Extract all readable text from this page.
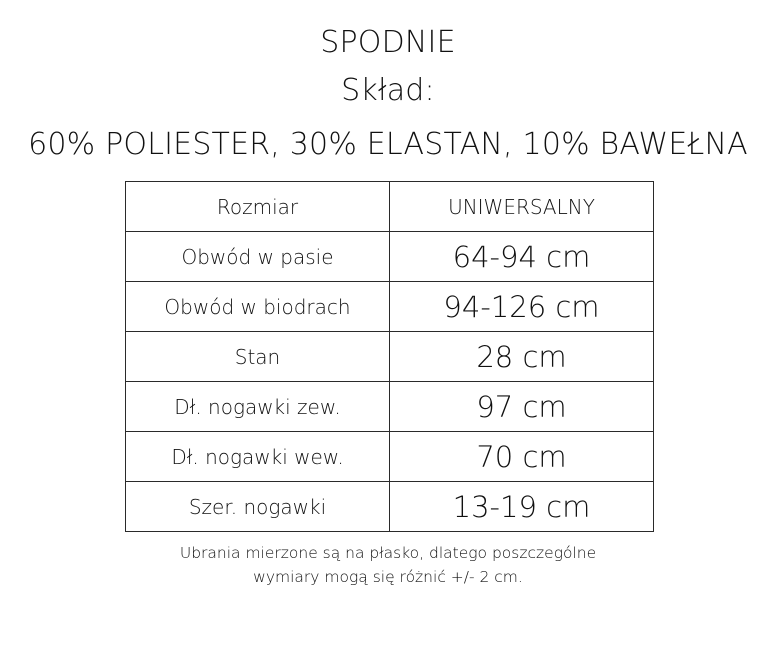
SPODNIE
Skład:
60% POLIESTER, 30% ELASTAN, 10% BAWEŁNA
Rozmiar	UNIWERSALNY
Obwód w pasie	64-94 cm
Obwód w biodrach	94-126 cm
Stan	28 cm
Dł. nogawki zew.	97 cm
Dł. nogawki wew.	70 cm
Szer. nogawki	13-19 cm
Ubrania mierzone są na płasko, dlatego poszczególne
wymiary mogą się różnić +/- 2 cm.
